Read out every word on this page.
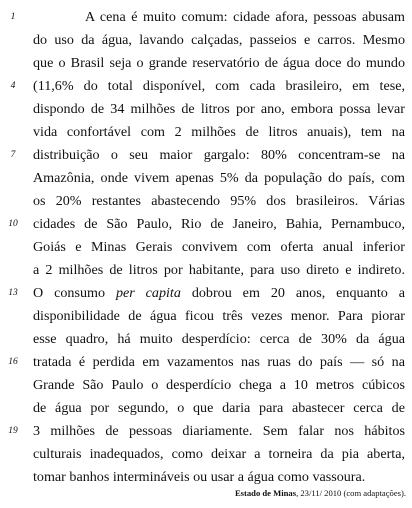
1
4
7
10
13
16
19
A cena é muito comum: cidade afora, pessoas abusam
do uso da água, lavando calçadas, passeios e carros. Mesmo
que o Brasil seja o grande reservatório de água doce do mundo
(11,6% do total disponível, com cada brasileiro, em tese,
dispondo de 34 milhões de litros por ano, embora possa levar
vida confortável com 2 milhões de litros anuais), tem na
distribuição o seu maior gargalo: 80% concentram-se na
Amazônia, onde vivem apenas 5% da população do país, com
os 20% restantes abastecendo 95% dos brasileiros. Várias
cidades de São Paulo, Rio de Janeiro, Bahia, Pernambuco,
Goiás e Minas Gerais convivem com oferta anual inferior
a 2 milhões de litros por habitante, para uso direto e indireto.
O consumo per capita dobrou em 20 anos, enquanto a
disponibilidade de água ficou três vezes menor. Para piorar
esse quadro, há muito desperdício: cerca de 30% da água
tratada é perdida em vazamentos nas ruas do país — só na
Grande São Paulo o desperdício chega a 10 metros cúbicos
de água por segundo, o que daria para abastecer cerca de
3 milhões de pessoas diariamente. Sem falar nos hábitos
culturais inadequados, como deixar a torneira da pia aberta,
tomar banhos intermináveis ou usar a água como vassoura.
Estado de Minas, 23/11/ 2010 (com adaptações).
